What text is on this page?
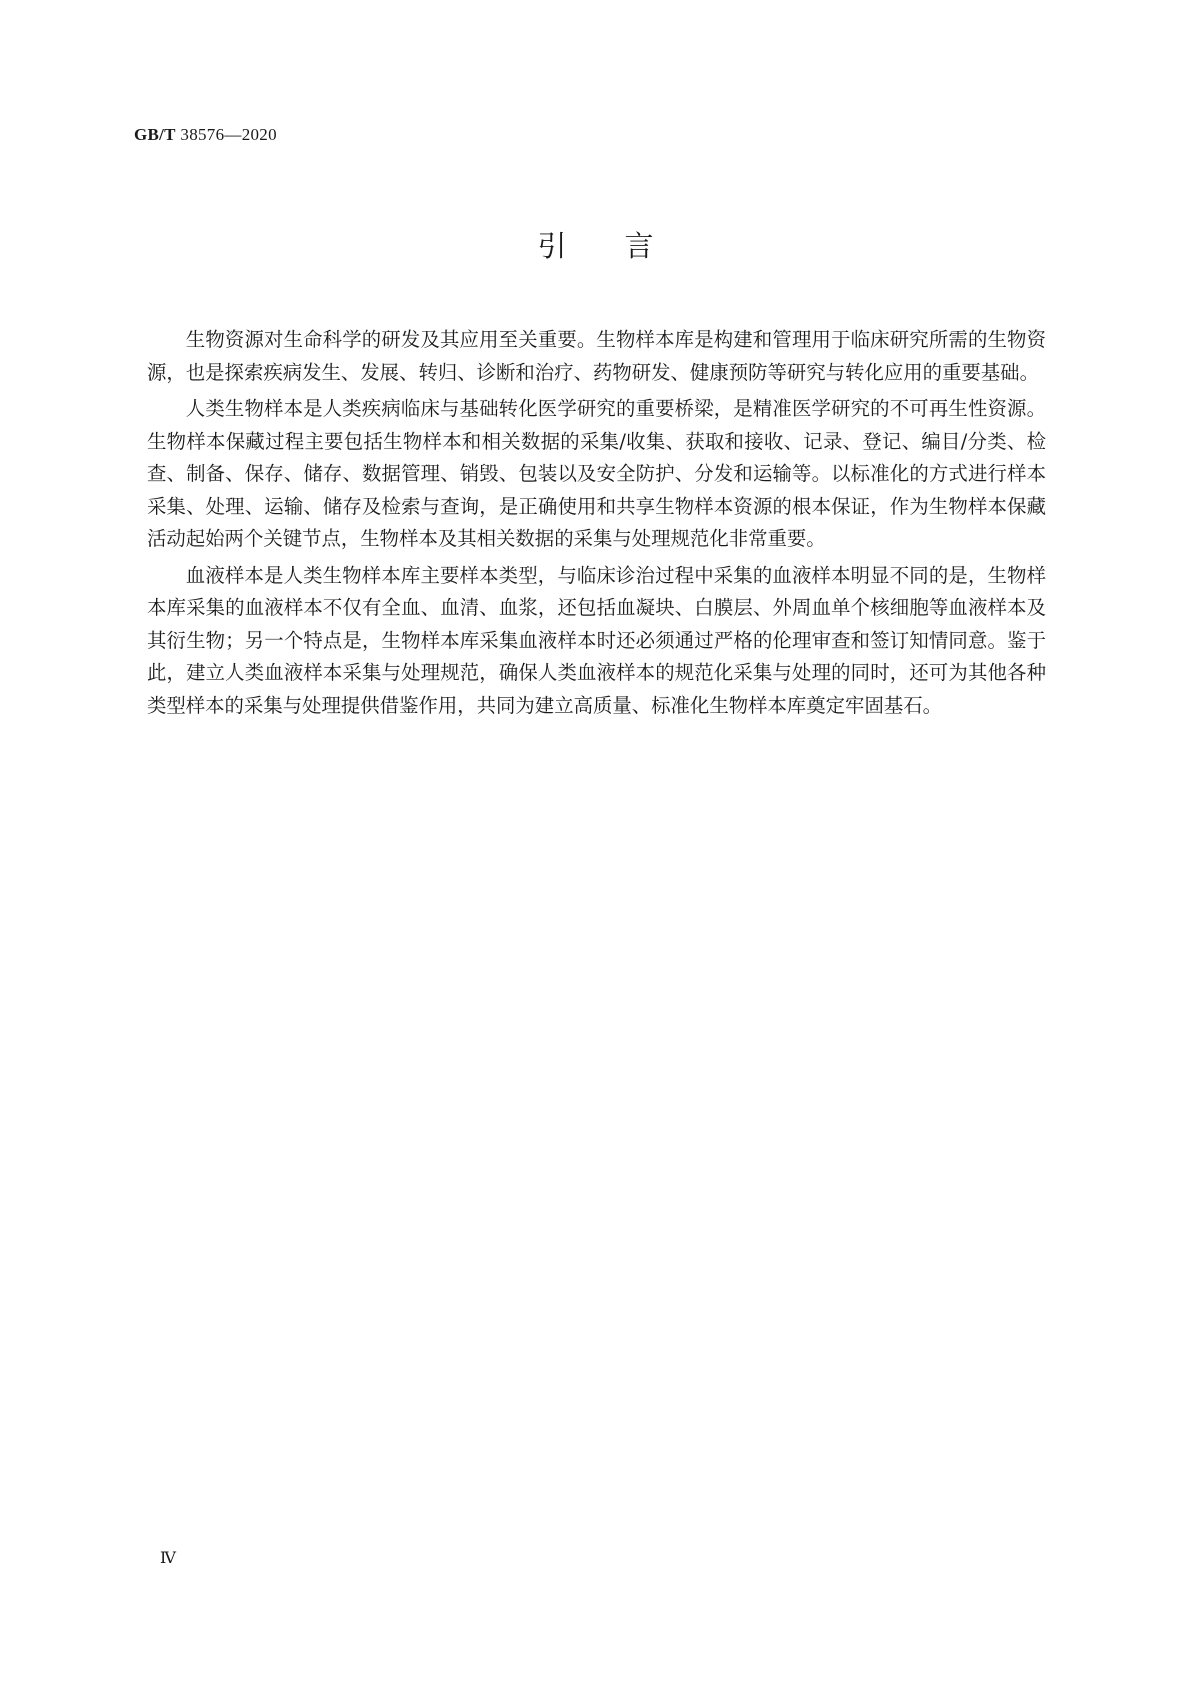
GB/T 38576—2020
引 言

生物资源对生命科学的研发及其应用至关重要。生物样本库是构建和管理用于临床研究所需的生物资源，也是探索疾病发生、发展、转归、诊断和治疗、药物研发、健康预防等研究与转化应用的重要基础。

人类生物样本是人类疾病临床与基础转化医学研究的重要桥梁，是精准医学研究的不可再生性资源。生物样本保藏过程主要包括生物样本和相关数据的采集/收集、获取和接收、记录、登记、编目/分类、检查、制备、保存、储存、数据管理、销毁、包装以及安全防护、分发和运输等。以标准化的方式进行样本采集、处理、运输、储存及检索与查询，是正确使用和共享生物样本资源的根本保证，作为生物样本保藏活动起始两个关键节点，生物样本及其相关数据的采集与处理规范化非常重要。

血液样本是人类生物样本库主要样本类型，与临床诊治过程中采集的血液样本明显不同的是，生物样本库采集的血液样本不仅有全血、血清、血浆，还包括血凝块、白膜层、外周血单个核细胞等血液样本及其衍生物；另一个特点是，生物样本库采集血液样本时还必须通过严格的伦理审查和签订知情同意。鉴于此，建立人类血液样本采集与处理规范，确保人类血液样本的规范化采集与处理的同时，还可为其他各种类型样本的采集与处理提供借鉴作用，共同为建立高质量、标准化生物样本库奠定牢固基石。

Ⅳ
